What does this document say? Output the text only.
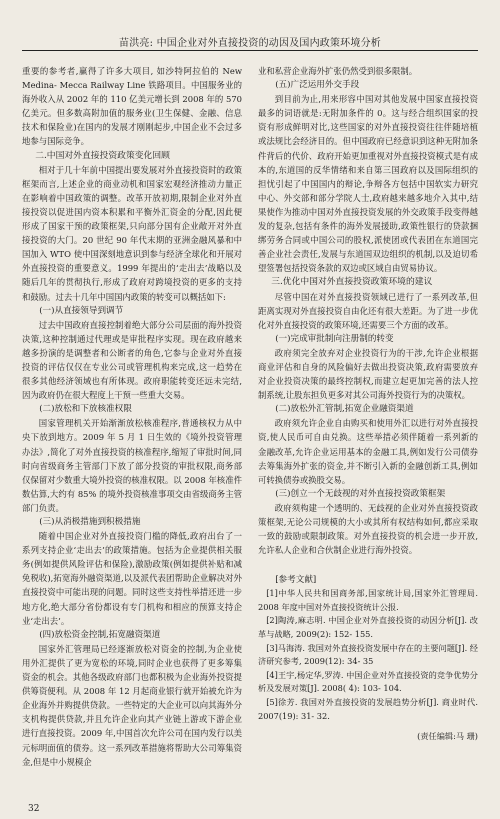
苗洪亮: 中国企业对外直接投资的动因及国内政策环境分析

重要的参考者,赢得了许多大项目, 如沙特阿拉伯的 New Medina- Mecca Railway Line 铁路项目。中国服务业的海外收入从 2002 年的 110 亿美元增长到 2008 年的 570 亿美元。但多数高附加值的服务业(卫生保健、金融、信息技术和保险业)在国内的发展才刚刚起步,中国企业不会过多地参与国际竞争。

二.中国对外直接投资政策变化回顾

相对于几十年前中国提出要发展对外直接投资时的政策框架而言,上述企业的商业动机和国家宏观经济推动力量正在影响着中国政策的调整。改革开放初期,限制企业对外直接投资以促进国内资本积累和平衡外汇资金的分配,因此便形成了国家干预的政策框架,只向部分国有企业敞开对外直接投资的大门。20 世纪 90 年代末期的亚洲金融风暴和中国加入 WTO 使中国深刻地意识到参与经济全球化和开展对外直接投资的重要意义。1999 年提出的‘走出去’战略以及随后几年的贯彻执行,形成了政府对跨境投资的更多的支持和鼓励。过去十几年中国国内政策的转变可以概括如下:

(一)从直接领导到调节

过去中国政府直接控制着绝大部分公司层面的海外投资决策,这种控制通过代理或是审批程序实现。现在政府越来越多扮演的是调整者和公断者的角色,它参与企业对外直接投资的评估仅仅在专业公司或管理机构来完成,这一趋势在很多其他经济领域也有所体现。政府职能转变还远未完结,因为政府仍在很大程度上干预一些重大交易。

(二)放松和下放核准权限

国家管理机关开始渐渐放松核准程序,普通核权力从中央下放到地方。2009 年 5 月 1 日生效的《境外投资管理办法》,简化了对外直接投资的核准程序,缩短了审批时间,同时向省级商务主管部门下放了部分投资的审批权限,商务部仅保留对少数重大境外投资的核准权限。以 2008 年核准件数估算,大约有 85% 的境外投资核准事项交由省级商务主管部门负责。

(三)从消极措施到积极措施

随着中国企业对外直接投资门槛的降低,政府出台了一系列支持企业‘走出去’的政策措施。包括为企业提供相关服务(例如提供风险评估和保险),激励政策(例如提供补贴和减免税收),拓宽海外融资渠道,以及派代表团帮助企业解决对外直接投资中可能出现的问题。同时这些支持性举措还进一步地方化,绝大部分省份都设有专门机构和相应的预算支持企业‘走出去’。

(四)放松资金控制,拓宽融资渠道

国家外汇管理局已经逐渐放松对资金的控制,为企业使用外汇提供了更为宽松的环境,同时企业也获得了更多筹集资金的机会。其他各级政府部门也都积极为企业海外投资提供筹资便利。从 2008 年 12 月起商业银行就开始被允许为企业海外并购提供贷款。一些特定的大企业可以向其海外分支机构提供贷款,并且允许企业向其产业链上游或下游企业进行直接投资。2009 年,中国首次允许公司在国内发行以美元标明面值的债券。这一系列改革措施将帮助大公司筹集资金,但是中小规模企

业和私营企业海外扩张仍然受到很多限制。

(五)广泛运用外交手段

到目前为止,用来形容中国对其他发展中国家直接投资最多的词语就是:无附加条件的 0。这与经合组织国家的投资有形成鲜明对比,这些国家的对外直接投资往往伴随培植或法规比会经济目的。但中国政府已经意识到这种无附加条件背后的代价、政府开始更加重视对外直接投资模式是有成本的,东道国的反华情绪和来自第三国政府以及国际组织的担忧引起了中国国内的辩论,争辩各方包括中国软实力研究中心、外交部和部分学院人士,政府越来越多地介入其中,结果使作为推动中国对外直接投资发展的外交政策手段变得越发的复杂,包括有条件的海外发展援助,政策性银行的贷款捆绑劳务合同或中国公司的股权,派使团或代表团在东道国完善企业社会责任,发展与东道国双边组织的机制,以及迫切希望签署包括投资条款的双边或区域自由贸易协议。

三.优化中国对外直接投资政策环境的建议

尽管中国在对外直接投资领域已进行了一系列改革,但距离实现对外直接投资自由化还有很大差距。为了进一步优化对外直接投资的政策环境,还需要三个方面的改革。

(一)完成审批制向注册制的转变

政府须完全放弃对企业投资行为的干涉,允许企业根据商业评估和自身的风险偏好去做出投资决策,政府需要放弃对企业投资决策的最终控制权,而建立起更加完善的法人控制系统,让股东担负更多对其公司海外投资行为的决策权。

(二)放松外汇管制,拓宽企业融资渠道

政府须允许企业自由购买和使用外汇以进行对外直接投资,使人民币可自由兑换。这些举措必须伴随着一系列新的金融改革,允许企业运用基本的金融工具,例如发行公司债券去筹集海外扩张的资金,并不断引入新的金融创新工具,例如可转换债券或换股交易。

(三)创立一个无歧视的对外直接投资政策框架

政府须构建一个透明的、无歧视的企业对外直接投资政策框架,无论公司规模的大小或其所有权结构如何,都应采取一致的鼓励或限制政策。对外直接投资的机会进一步开放,允许私人企业和合伙制企业进行海外投资。

[参考文献]
[1]中华人民共和国商务部,国家统计局,国家外汇管理局. 2008 年度中国对外直接投资统计公报.
[2]陶涛,麻志明. 中国企业对外直接投资的动因分析[J]. 改革与战略, 2009(2): 152- 155.
[3]马海涛. 我国对外直接投资发展中存在的主要问题[J]. 经济研究参考, 2009(12): 34- 35
[4]王宇,杨定华,罗涛. 中国企业对外直接投资的竞争优势分析及发展对策[J]. 2008( 4): 103- 104.
[5]徐芳. 我国对外直接投资的发展趋势分析[J]. 商业时代. 2007(19): 31- 32.
(责任编辑:马 珊)
32
